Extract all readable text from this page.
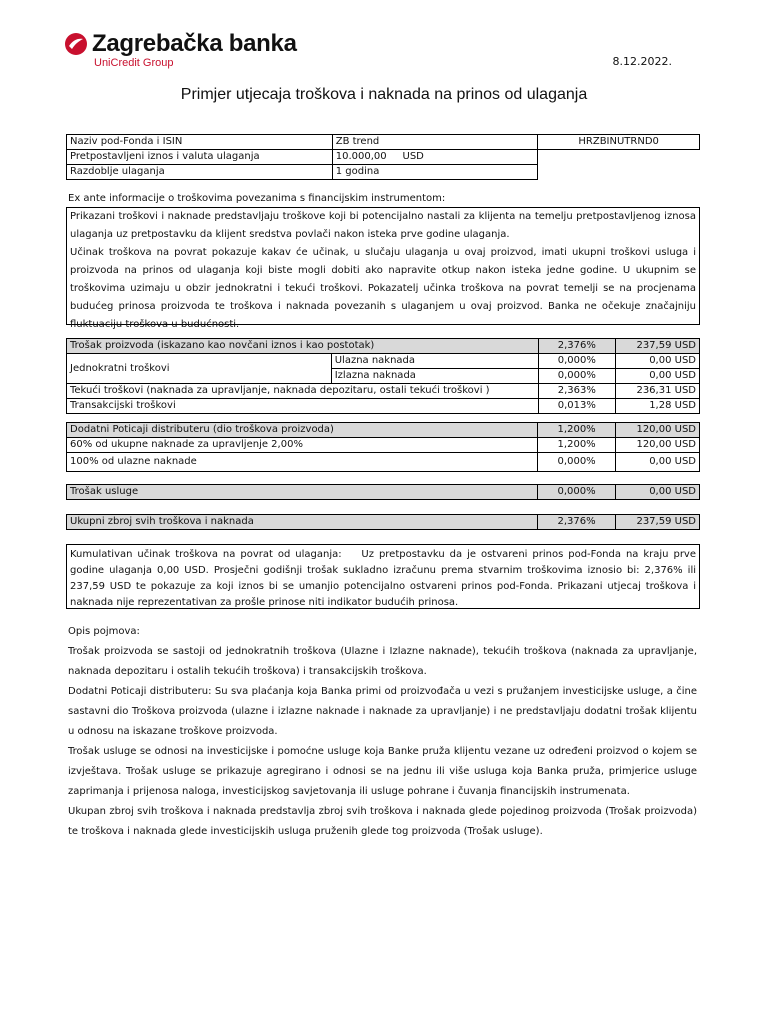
Zagrebačka banka
UniCredit Group	8.12.2022.
Primjer utjecaja troškova i naknada na prinos od ulaganja
Naziv pod-Fonda i ISIN	ZB trend	HRZBINUTRND0
Pretpostavljeni iznos i valuta ulaganja	10.000,00     USD	
Razdoblje ulaganja	1 godina	
Ex ante informacije o troškovima povezanima s financijskim instrumentom:

Prikazani troškovi i naknade predstavljaju troškove koji bi potencijalno nastali za klijenta na temelju pretpostavljenog iznosa ulaganja uz pretpostavku da klijent sredstva povlači nakon isteka prve godine ulaganja.

Učinak troškova na povrat pokazuje kakav će učinak, u slučaju ulaganja u ovaj proizvod, imati ukupni troškovi usluga i proizvoda na prinos od ulaganja koji biste mogli dobiti ako napravite otkup nakon isteka jedne godine. U ukupnim se troškovima uzimaju u obzir jednokratni i tekući troškovi. Pokazatelj učinka troškova na povrat temelji se na procjenama budućeg prinosa proizvoda te troškova i naknada povezanih s ulaganjem u ovaj proizvod. Banka ne očekuje značajniju fluktuaciju troškova u budućnosti.

Trošak proizvoda (iskazano kao novčani iznos i kao postotak)		2,376%	237,59 USD
Jednokratni troškovi	Ulazna naknada	0,000%	0,00 USD
	Izlazna naknada	0,000%	0,00 USD
Tekući troškovi (naknada za upravljanje, naknada depozitaru, ostali tekući troškovi )		2,363%	236,31 USD
Transakcijski troškovi		0,013%	1,28 USD
Dodatni Poticaji distributeru (dio troškova proizvoda)	1,200%	120,00 USD
60% od ukupne naknade za upravljenje 2,00%	1,200%	120,00 USD
100% od ulazne naknade	0,000%	0,00 USD
Trošak usluge	0,000%	0,00 USD
Ukupni zbroj svih troškova i naknada	2,376%	237,59 USD
Kumulativan učinak troškova na povrat od ulaganja: Uz pretpostavku da je ostvareni prinos pod-Fonda na kraju prve godine ulaganja 0,00 USD. Prosječni godišnji trošak sukladno izračunu prema stvarnim troškovima iznosio bi: 2,376% ili 237,59 USD te pokazuje za koji iznos bi se umanjio potencijalno ostvareni prinos pod-Fonda. Prikazani utjecaj troškova i naknada nije reprezentativan za prošle prinose niti indikator budućih prinosa.

Opis pojmova:

Trošak proizvoda se sastoji od jednokratnih troškova (Ulazne i Izlazne naknade), tekućih troškova (naknada za upravljanje, naknada depozitaru i ostalih tekućih troškova) i transakcijskih troškova.

Dodatni Poticaji distributeru: Su sva plaćanja koja Banka primi od proizvođača u vezi s pružanjem investicijske usluge, a čine sastavni dio Troškova proizvoda (ulazne i izlazne naknade i naknade za upravljanje) i ne predstavljaju dodatni trošak klijentu u odnosu na iskazane troškove proizvoda.

Trošak usluge se odnosi na investicijske i pomoćne usluge koja Banke pruža klijentu vezane uz određeni proizvod o kojem se izvještava. Trošak usluge se prikazuje agregirano i odnosi se na jednu ili više usluga koja Banka pruža, primjerice usluge zaprimanja i prijenosa naloga, investicijskog savjetovanja ili usluge pohrane i čuvanja financijskih instrumenata.

Ukupan zbroj svih troškova i naknada predstavlja zbroj svih troškova i naknada glede pojedinog proizvoda (Trošak proizvoda) te troškova i naknada glede investicijskih usluga pruženih glede tog proizvoda (Trošak usluge).
